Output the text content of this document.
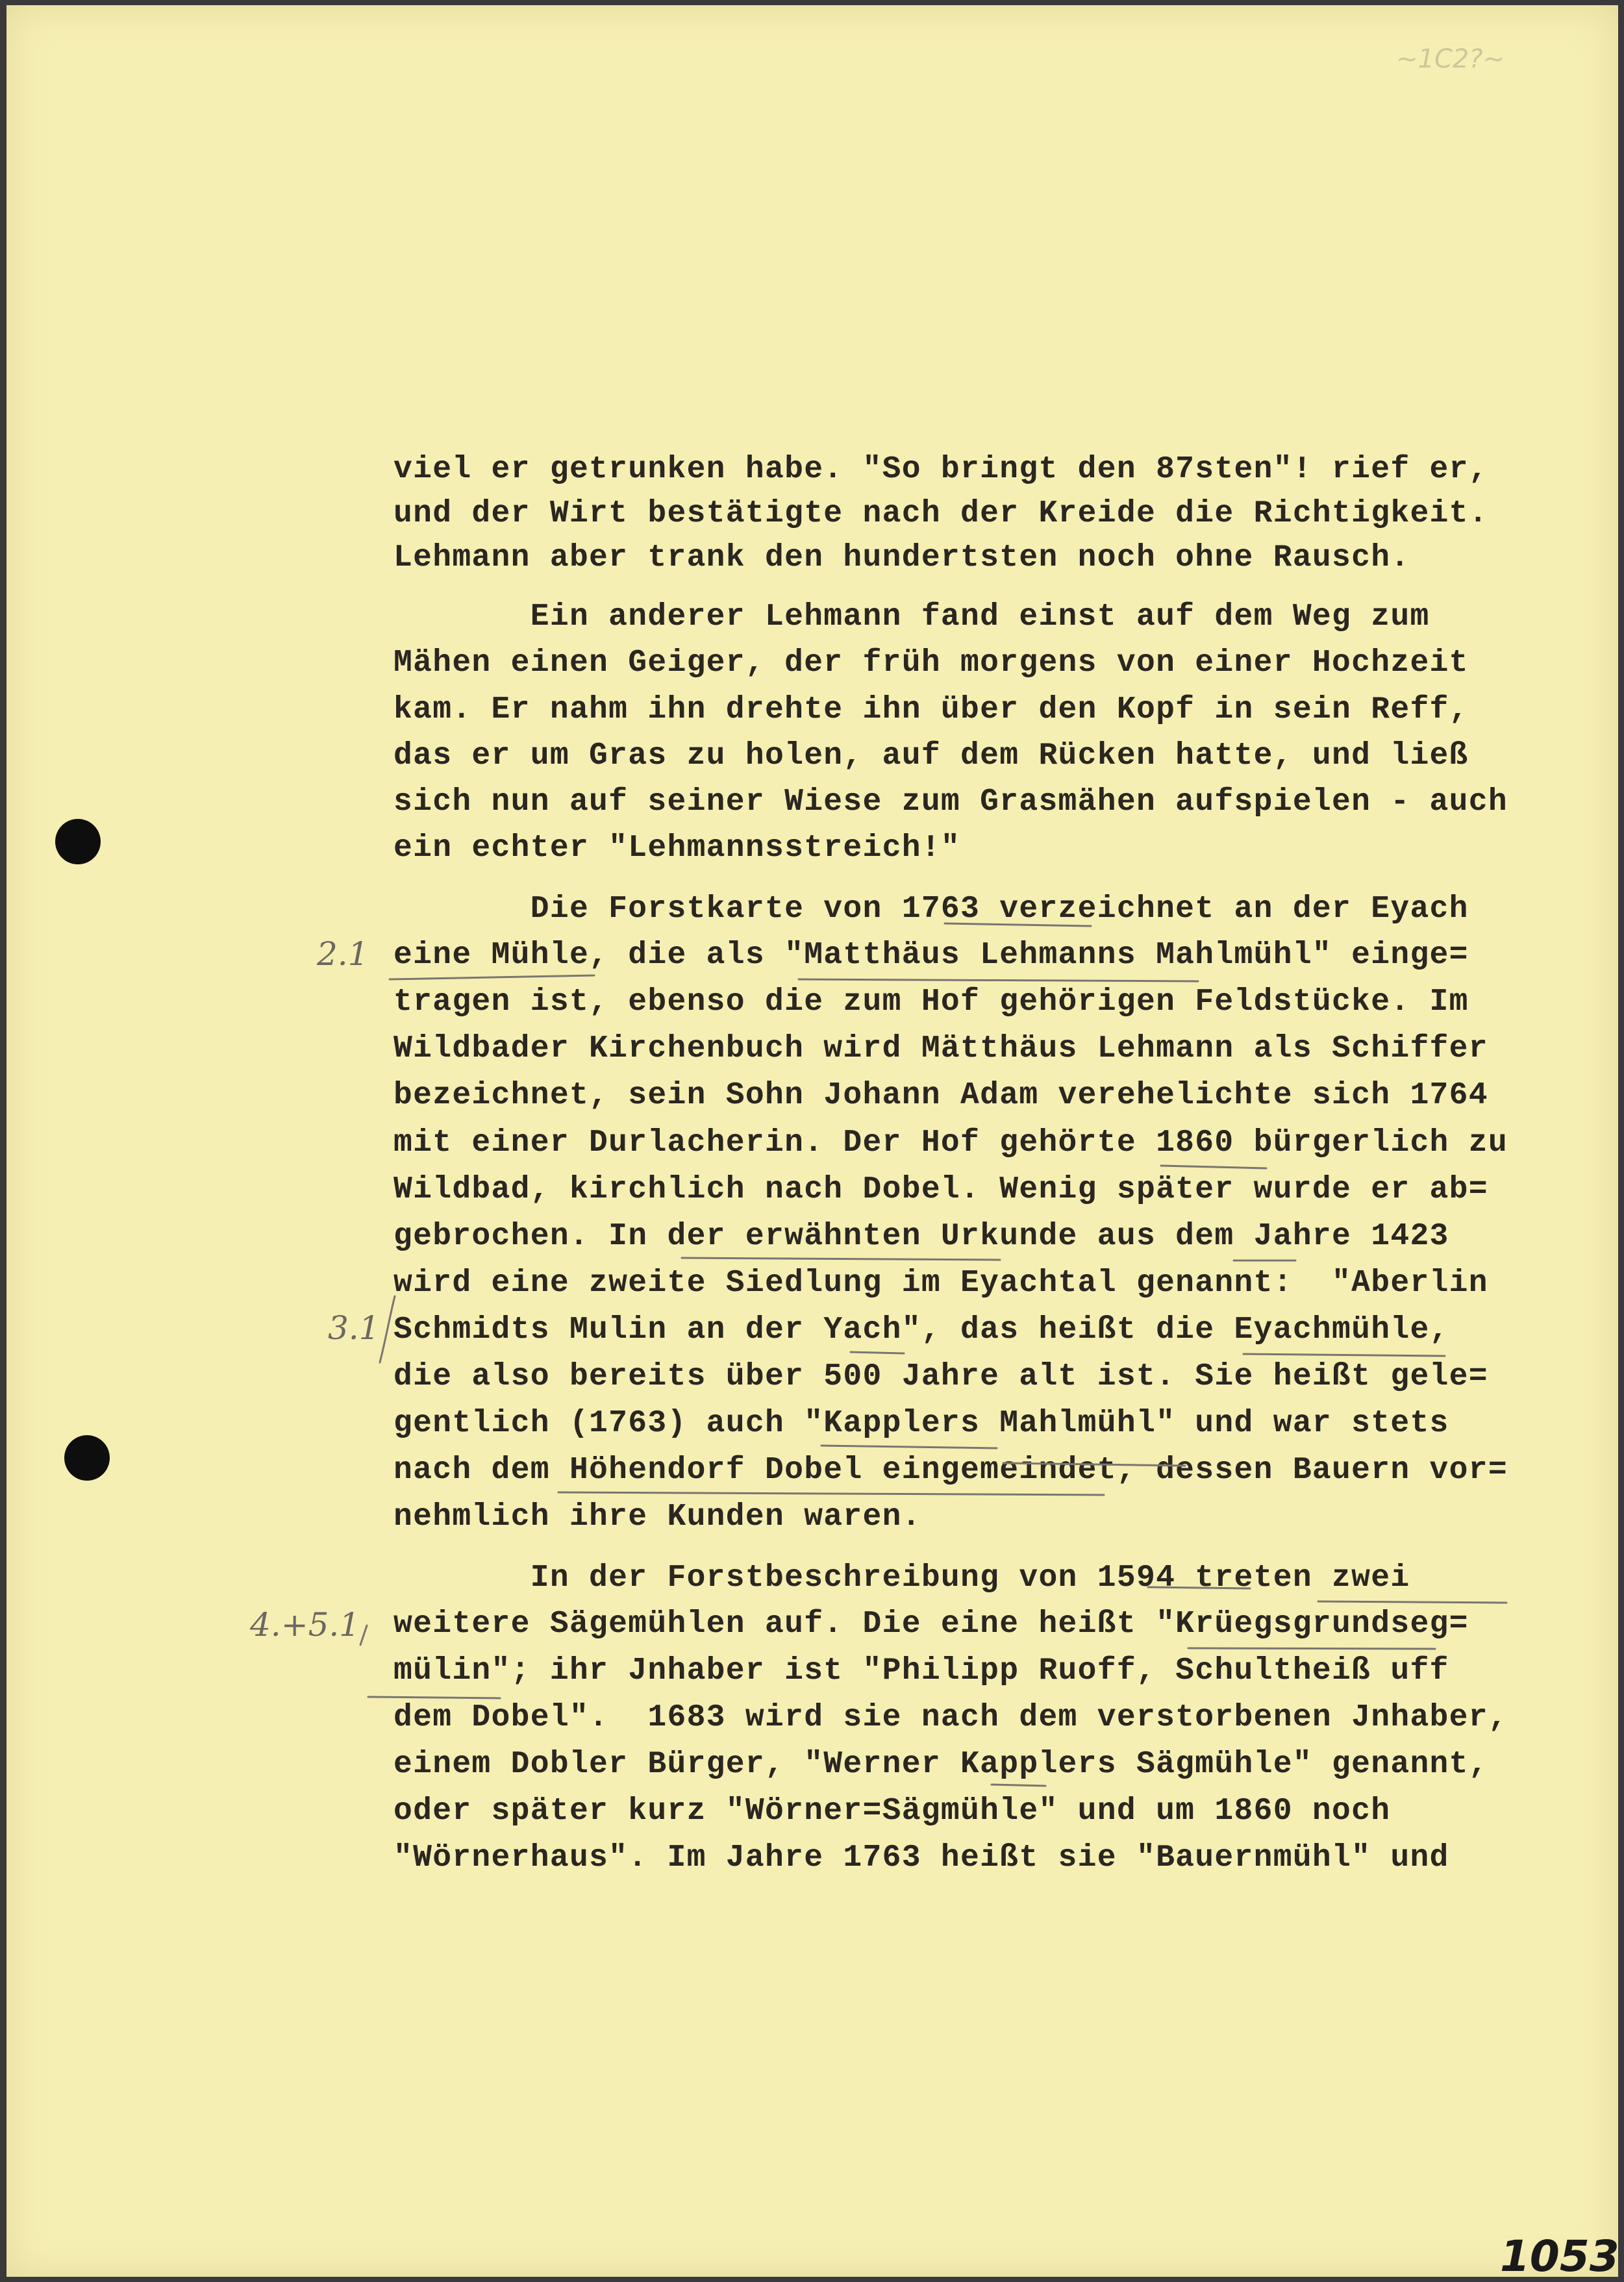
~1C2?~
viel er getrunken habe. "So bringt den 87sten"! rief er,
und der Wirt bestätigte nach der Kreide die Richtigkeit.
Lehmann aber trank den hundertsten noch ohne Rausch.
Ein anderer Lehmann fand einst auf dem Weg zum
Mähen einen Geiger, der früh morgens von einer Hochzeit
kam. Er nahm ihn drehte ihn über den Kopf in sein Reff,
das er um Gras zu holen, auf dem Rücken hatte, und ließ
sich nun auf seiner Wiese zum Grasmähen aufspielen - auch
ein echter "Lehmannsstreich!"
Die Forstkarte von 1763 verzeichnet an der Eyach
eine Mühle, die als "Matthäus Lehmanns Mahlmühl" einge=
tragen ist, ebenso die zum Hof gehörigen Feldstücke. Im
Wildbader Kirchenbuch wird Mätthäus Lehmann als Schiffer
bezeichnet, sein Sohn Johann Adam verehelichte sich 1764
mit einer Durlacherin. Der Hof gehörte 1860 bürgerlich zu
Wildbad, kirchlich nach Dobel. Wenig später wurde er ab=
gebrochen. In der erwähnten Urkunde aus dem Jahre 1423
wird eine zweite Siedlung im Eyachtal genannt:  "Aberlin
Schmidts Mulin an der Yach", das heißt die Eyachmühle,
die also bereits über 500 Jahre alt ist. Sie heißt gele=
gentlich (1763) auch "Kapplers Mahlmühl" und war stets
nach dem Höhendorf Dobel eingemeindet, dessen Bauern vor=
nehmlich ihre Kunden waren.
In der Forstbeschreibung von 1594 treten zwei
weitere Sägemühlen auf. Die eine heißt "Krüegsgrundseg=
mülin"; ihr Jnhaber ist "Philipp Ruoff, Schultheiß uff
dem Dobel".  1683 wird sie nach dem verstorbenen Jnhaber,
einem Dobler Bürger, "Werner Kapplers Sägmühle" genannt,
oder später kurz "Wörner=Sägmühle" und um 1860 noch
"Wörnerhaus". Im Jahre 1763 heißt sie "Bauernmühl" und
2.1
3.1
4.+5.1
1053
